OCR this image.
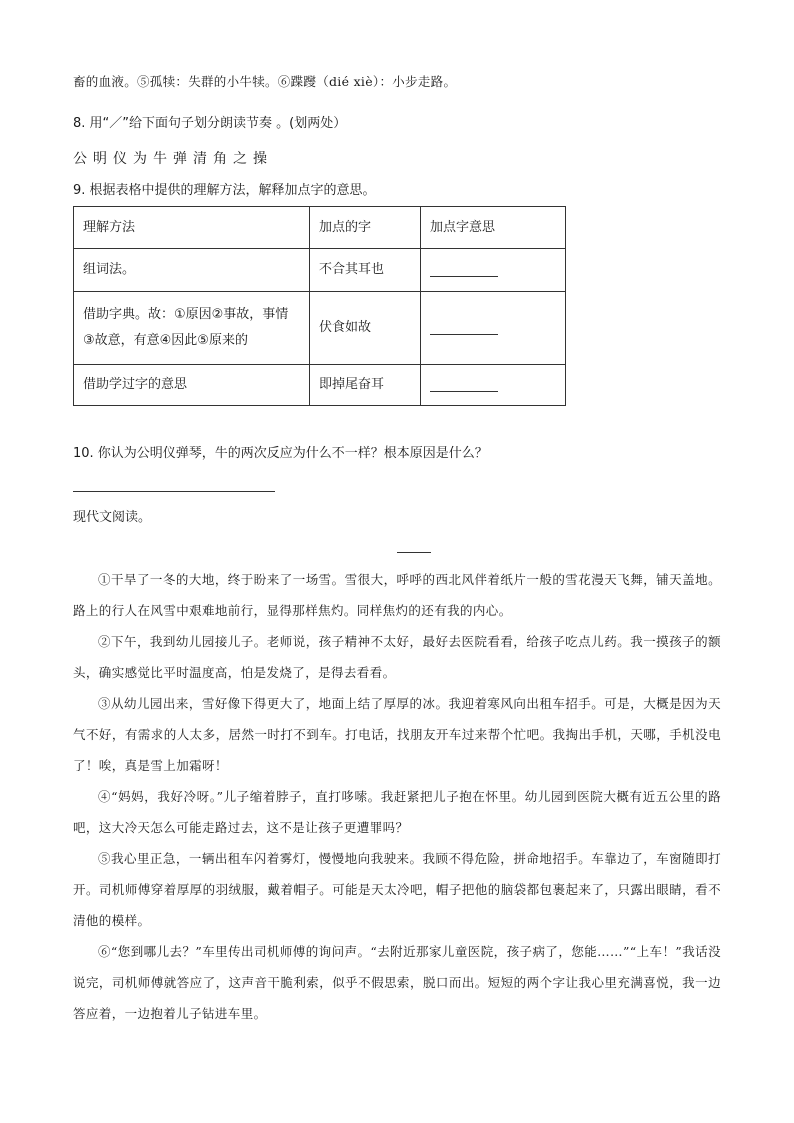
畜的血液。⑤孤犊：失群的小牛犊。⑥蹀躞（dié xiè）：小步走路。
8. 用“／”给下面句子划分朗读节奏 。(划两处）
公明仪为牛弹清角之操
9. 根据表格中提供的理解方法，解释加点字的意思。
理解方法	加点的字	加点字意思
组词法。	不合其耳也	

借助字典。故：①原因②事故，事情
③故意，有意④因此⑤原来的	伏食如故	
借助学过字的意思	即掉尾奋耳	
10. 你认为公明仪弹琴，牛的两次反应为什么不一样？根本原因是什么？
现代文阅读。
①干旱了一冬的大地，终于盼来了一场雪。雪很大，呼呼的西北风伴着纸片一般的雪花漫天飞舞，铺天盖地。路上的行人在风雪中艰难地前行，显得那样焦灼。同样焦灼的还有我的内心。
②下午，我到幼儿园接儿子。老师说，孩子精神不太好，最好去医院看看，给孩子吃点儿药。我一摸孩子的额头，确实感觉比平时温度高，怕是发烧了，是得去看看。
③从幼儿园出来，雪好像下得更大了，地面上结了厚厚的冰。我迎着寒风向出租车招手。可是，大概是因为天气不好，有需求的人太多，居然一时打不到车。打电话，找朋友开车过来帮个忙吧。我掏出手机，天哪，手机没电了！唉，真是雪上加霜呀！
④“妈妈，我好冷呀。”儿子缩着脖子，直打哆嗦。我赶紧把儿子抱在怀里。幼儿园到医院大概有近五公里的路吧，这大冷天怎么可能走路过去，这不是让孩子更遭罪吗？
⑤我心里正急，一辆出租车闪着雾灯，慢慢地向我驶来。我顾不得危险，拼命地招手。车靠边了，车窗随即打开。司机师傅穿着厚厚的羽绒服，戴着帽子。可能是天太冷吧，帽子把他的脑袋都包裹起来了，只露出眼睛，看不清他的模样。
⑥“您到哪儿去？”车里传出司机师傅的询问声。“去附近那家儿童医院，孩子病了，您能……”“上车！”我话没说完，司机师傅就答应了，这声音干脆利索，似乎不假思索，脱口而出。短短的两个字让我心里充满喜悦，我一边答应着，一边抱着儿子钻进车里。
